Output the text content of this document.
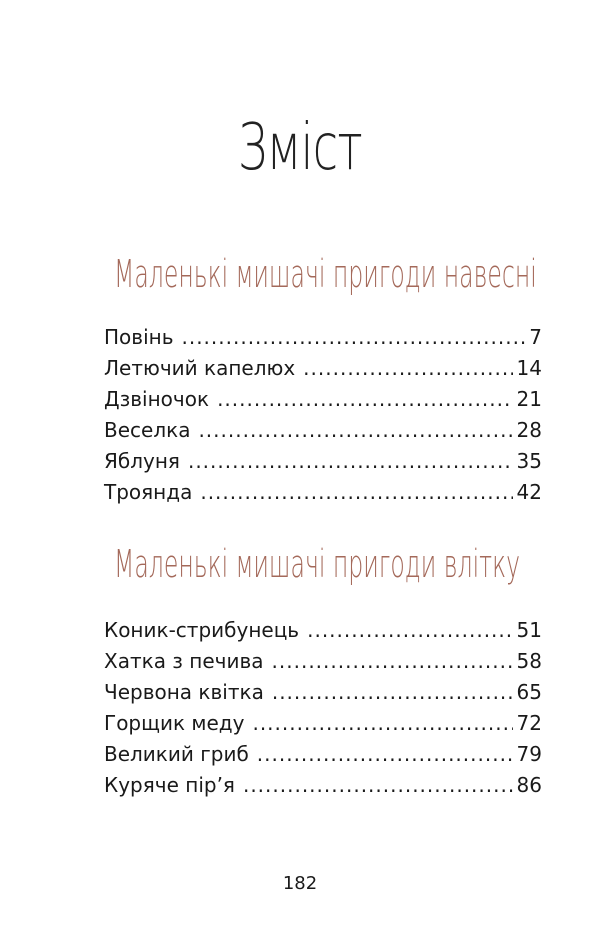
Зміст
Маленькі мишачі пригоди навесні
Повінь .....	7
Летючий капелюх .....	14
Дзвіночок .....	21
Веселка .....	28
Яблуня .....	35
Троянда .....	42
Маленькі мишачі пригоди влітку
Коник-стрибунець .....	51
Хатка з печива .....	58
Червона квітка .....	65
Горщик меду .....	72
Великий гриб .....	79
Куряче пір’я .....	86
182
